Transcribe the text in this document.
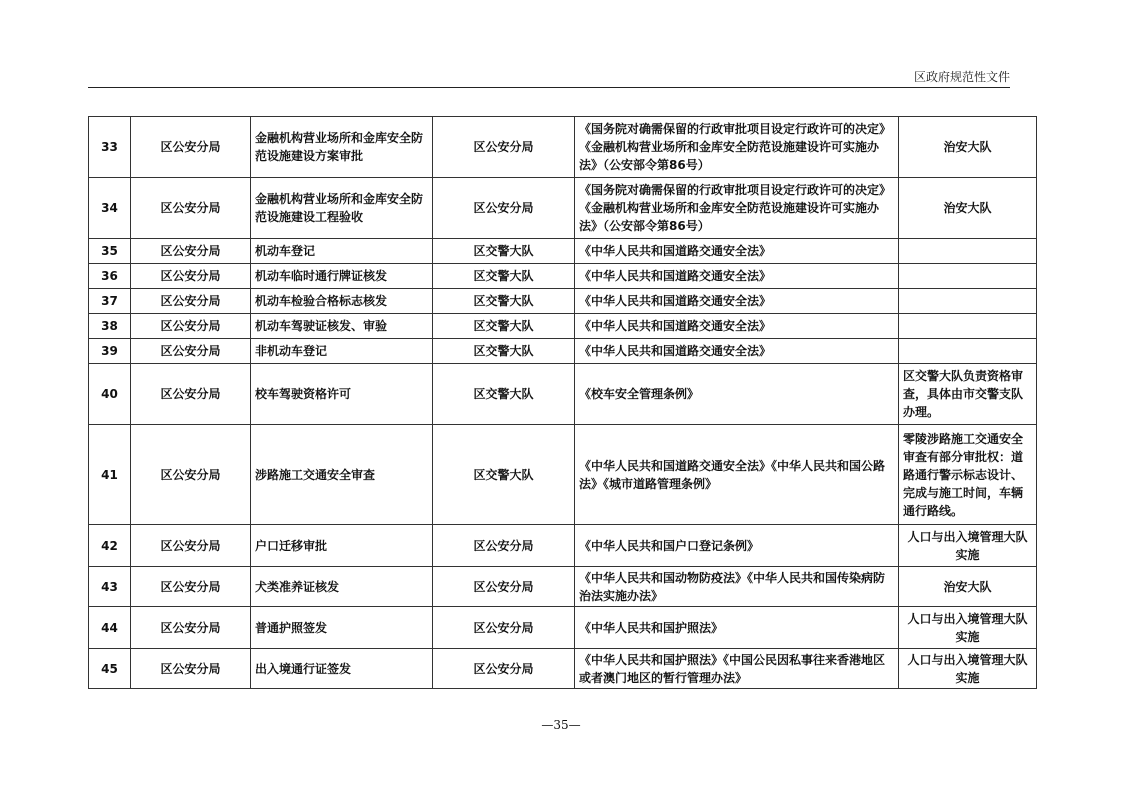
区政府规范性文件
33	区公安分局	金融机构营业场所和金库安全防范设施建设方案审批	区公安分局	《国务院对确需保留的行政审批项目设定行政许可的决定》《金融机构营业场所和金库安全防范设施建设许可实施办法》（公安部令第86号）	治安大队
34	区公安分局	金融机构营业场所和金库安全防范设施建设工程验收	区公安分局	《国务院对确需保留的行政审批项目设定行政许可的决定》《金融机构营业场所和金库安全防范设施建设许可实施办法》（公安部令第86号）	治安大队
35	区公安分局	机动车登记	区交警大队	《中华人民共和国道路交通安全法》	
36	区公安分局	机动车临时通行牌证核发	区交警大队	《中华人民共和国道路交通安全法》	
37	区公安分局	机动车检验合格标志核发	区交警大队	《中华人民共和国道路交通安全法》	
38	区公安分局	机动车驾驶证核发、审验	区交警大队	《中华人民共和国道路交通安全法》	
39	区公安分局	非机动车登记	区交警大队	《中华人民共和国道路交通安全法》	
40	区公安分局	校车驾驶资格许可	区交警大队	《校车安全管理条例》	区交警大队负责资格审查，具体由市交警支队办理。
41	区公安分局	涉路施工交通安全审查	区交警大队	《中华人民共和国道路交通安全法》《中华人民共和国公路法》《城市道路管理条例》	零陵涉路施工交通安全审查有部分审批权：道路通行警示标志设计、完成与施工时间，车辆通行路线。
42	区公安分局	户口迁移审批	区公安分局	《中华人民共和国户口登记条例》	人口与出入境管理大队实施
43	区公安分局	犬类准养证核发	区公安分局	《中华人民共和国动物防疫法》《中华人民共和国传染病防治法实施办法》	治安大队
44	区公安分局	普通护照签发	区公安分局	《中华人民共和国护照法》	人口与出入境管理大队实施
45	区公安分局	出入境通行证签发	区公安分局	《中华人民共和国护照法》《中国公民因私事往来香港地区或者澳门地区的暂行管理办法》	人口与出入境管理大队实施
—35—
